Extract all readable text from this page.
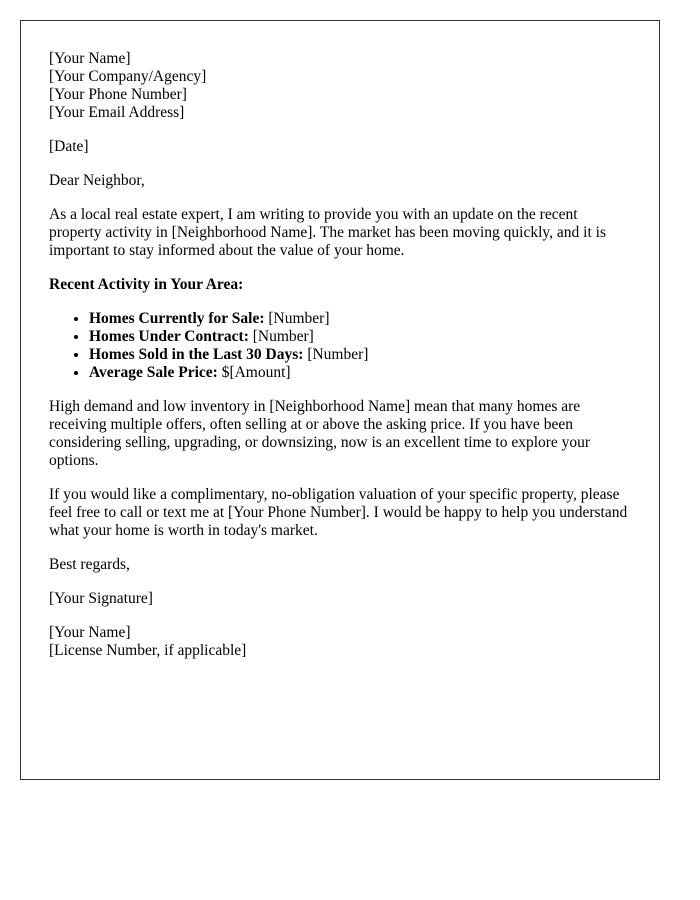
[Your Name]
[Your Company/Agency]
[Your Phone Number]
[Your Email Address]

[Date]

Dear Neighbor,

As a local real estate expert, I am writing to provide you with an update on the recent property activity in [Neighborhood Name]. The market has been moving quickly, and it is important to stay informed about the value of your home.

Recent Activity in Your Area:
• Homes Currently for Sale: [Number]
• Homes Under Contract: [Number]
• Homes Sold in the Last 30 Days: [Number]
• Average Sale Price: $[Amount]

High demand and low inventory in [Neighborhood Name] mean that many homes are receiving multiple offers, often selling at or above the asking price. If you have been considering selling, upgrading, or downsizing, now is an excellent time to explore your options.

If you would like a complimentary, no-obligation valuation of your specific property, please feel free to call or text me at [Your Phone Number]. I would be happy to help you understand what your home is worth in today's market.

Best regards,

[Your Signature]

[Your Name]
[License Number, if applicable]
